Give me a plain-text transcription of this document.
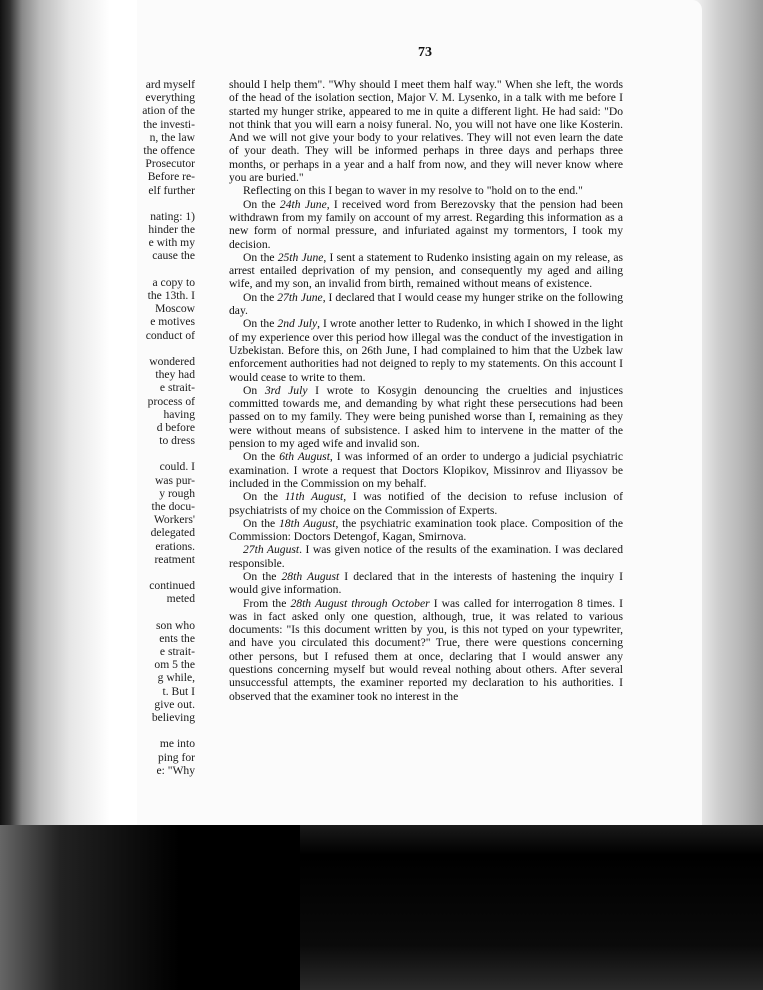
73
ard myself
everything
ation of the
the investi-
n, the law
the offence
Prosecutor
Before re-
elf further
nating: 1)
hinder the
e with my
cause the
a copy to
the 13th. I
Moscow
e motives
conduct of
wondered
they had
e strait-
process of
having
d before
to dress
could. I
was pur-
y rough
the docu-
Workers'
delegated
erations.
reatment
continued
meted
son who
ents the
e strait-
om 5 the
g while,
t. But I
give out.
believing
me into
ping for
e: "Why

should I help them". "Why should I meet them half way." When she left, the words of the head of the isolation section, Major V. M. Lysenko, in a talk with me before I started my hunger strike, appeared to me in quite a different light. He had said: "Do not think that you will earn a noisy funeral. No, you will not have one like Kosterin. And we will not give your body to your relatives. They will not even learn the date of your death. They will be informed perhaps in three days and perhaps three months, or perhaps in a year and a half from now, and they will never know where you are buried."

Reflecting on this I began to waver in my resolve to "hold on to the end."

On the 24th June, I received word from Berezovsky that the pension had been withdrawn from my family on account of my arrest. Regarding this information as a new form of normal pressure, and infuriated against my tormentors, I took my decision.

On the 25th June, I sent a statement to Rudenko insisting again on my release, as arrest entailed deprivation of my pension, and consequently my aged and ailing wife, and my son, an invalid from birth, remained without means of existence.

On the 27th June, I declared that I would cease my hunger strike on the following day.

On the 2nd July, I wrote another letter to Rudenko, in which I showed in the light of my experience over this period how illegal was the conduct of the investigation in Uzbekistan. Before this, on 26th June, I had complained to him that the Uzbek law enforcement authorities had not deigned to reply to my statements. On this account I would cease to write to them.

On 3rd July I wrote to Kosygin denouncing the cruelties and injustices committed towards me, and demanding by what right these persecutions had been passed on to my family. They were being punished worse than I, remaining as they were without means of subsistence. I asked him to intervene in the matter of the pension to my aged wife and invalid son.

On the 6th August, I was informed of an order to undergo a judicial psychiatric examination. I wrote a request that Doctors Klopikov, Missinrov and Iliyassov be included in the Commission on my behalf.

On the 11th August, I was notified of the decision to refuse inclusion of psychiatrists of my choice on the Commission of Experts.

On the 18th August, the psychiatric examination took place. Composition of the Commission: Doctors Detengof, Kagan, Smirnova.

27th August. I was given notice of the results of the examination. I was declared responsible.

On the 28th August I declared that in the interests of hastening the inquiry I would give information.

From the 28th August through October I was called for interrogation 8 times. I was in fact asked only one question, although, true, it was related to various documents: "Is this document written by you, is this not typed on your typewriter, and have you circulated this document?" True, there were questions concerning other persons, but I refused them at once, declaring that I would answer any questions concerning myself but would reveal nothing about others. After several unsuccessful attempts, the examiner reported my declaration to his authorities. I observed that the examiner took no interest in the
